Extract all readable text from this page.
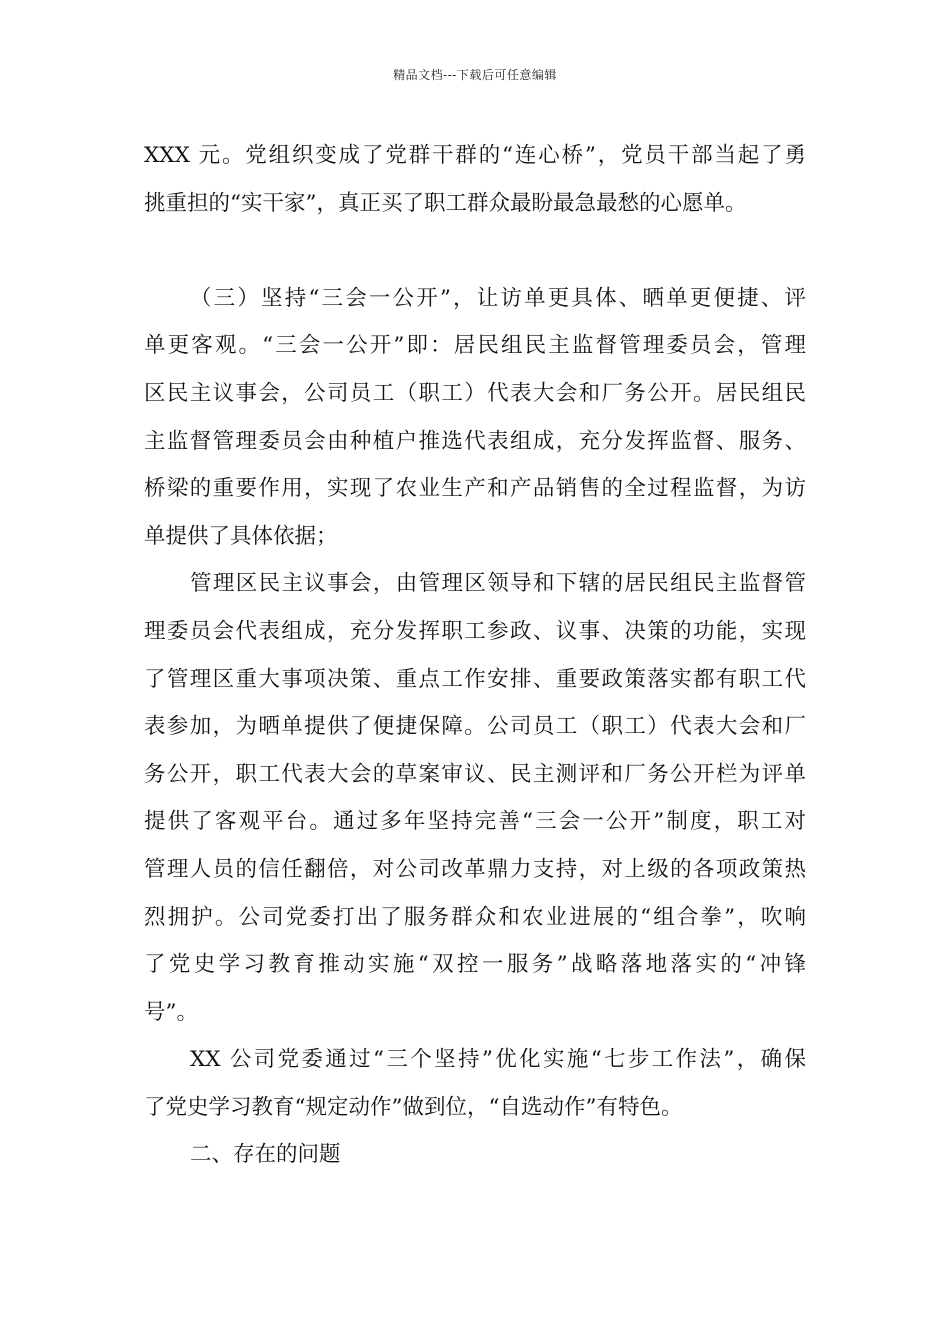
精品文档---下载后可任意编辑
XXX 元。党组织变成了党群干群的“连心桥”，党员干部当起了勇
挑重担的“实干家”，真正买了职工群众最盼最急最愁的心愿单。
（三）坚持“三会一公开”，让访单更具体、晒单更便捷、评
单更客观。“三会一公开”即：居民组民主监督管理委员会，管理
区民主议事会，公司员工（职工）代表大会和厂务公开。居民组民
主监督管理委员会由种植户推选代表组成，充分发挥监督、服务、
桥梁的重要作用，实现了农业生产和产品销售的全过程监督，为访
单提供了具体依据；
管理区民主议事会，由管理区领导和下辖的居民组民主监督管
理委员会代表组成，充分发挥职工参政、议事、决策的功能，实现
了管理区重大事项决策、重点工作安排、重要政策落实都有职工代
表参加，为晒单提供了便捷保障。公司员工（职工）代表大会和厂
务公开，职工代表大会的草案审议、民主测评和厂务公开栏为评单
提供了客观平台。通过多年坚持完善“三会一公开”制度，职工对
管理人员的信任翻倍，对公司改革鼎力支持，对上级的各项政策热
烈拥护。公司党委打出了服务群众和农业进展的“组合拳”，吹响
了党史学习教育推动实施“双控一服务”战略落地落实的“冲锋
号”。
XX 公司党委通过“三个坚持”优化实施“七步工作法”，确保
了党史学习教育“规定动作”做到位，“自选动作”有特色。
二、存在的问题
